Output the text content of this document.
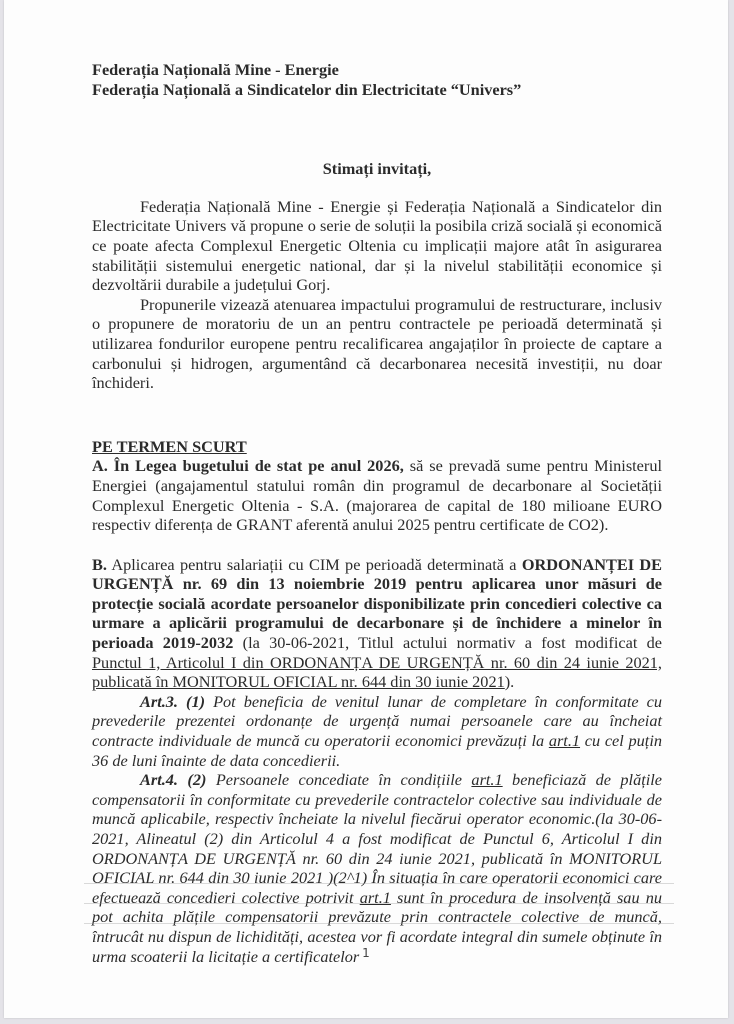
Federația Națională Mine - Energie

Federația Națională a Sindicatelor din Electricitate “Univers”

Stimați invitați,

Federația Națională Mine - Energie și Federația Națională a Sindicatelor din Electricitate Univers vă propune o serie de soluții la posibila criză socială și economică ce poate afecta Complexul Energetic Oltenia cu implicații majore atât în asigurarea stabilității sistemului energetic national, dar și la nivelul stabilității economice și dezvoltării durabile a județului Gorj.

Propunerile vizează atenuarea impactului programului de restructurare, inclusiv o propunere de moratoriu de un an pentru contractele pe perioadă determinată și utilizarea fondurilor europene pentru recalificarea angajaților în proiecte de captare a carbonului și hidrogen, argumentând că decarbonarea necesită investiții, nu doar închideri.

PE TERMEN SCURT

A. În Legea bugetului de stat pe anul 2026, să se prevadă sume pentru Ministerul Energiei (angajamentul statului român din programul de decarbonare al Societății Complexul Energetic Oltenia - S.A. (majorarea de capital de 180 milioane EURO respectiv diferența de GRANT aferentă anului 2025 pentru certificate de CO2).

B. Aplicarea pentru salariații cu CIM pe perioadă determinată a ORDONANȚEI DE URGENȚĂ nr. 69 din 13 noiembrie 2019 pentru aplicarea unor măsuri de protecție socială acordate persoanelor disponibilizate prin concedieri colective ca urmare a aplicării programului de decarbonare și de închidere a minelor în perioada 2019-2032 (la 30-06-2021, Titlul actului normativ a fost modificat de Punctul 1, Articolul I din ORDONANȚA DE URGENȚĂ nr. 60 din 24 iunie 2021, publicată în MONITORUL OFICIAL nr. 644 din 30 iunie 2021).

Art.3. (1) Pot beneficia de venitul lunar de completare în conformitate cu prevederile prezentei ordonanțe de urgență numai persoanele care au încheiat contracte individuale de muncă cu operatorii economici prevăzuți la art.1 cu cel puțin 36 de luni înainte de data concedierii.

Art.4. (2) Persoanele concediate în condițiile art.1 beneficiază de plățile compensatorii în conformitate cu prevederile contractelor colective sau individuale de muncă aplicabile, respectiv încheiate la nivelul fiecărui operator economic.(la 30-06-2021, Alineatul (2) din Articolul 4 a fost modificat de Punctul 6, Articolul I din ORDONANȚA DE URGENȚĂ nr. 60 din 24 iunie 2021, publicată în MONITORUL OFICIAL nr. 644 din 30 iunie 2021 )(2^1) În situația în care operatorii economici care efectuează concedieri colective potrivit art.1 sunt în procedura de insolvență sau nu pot achita plățile compensatorii prevăzute prin contractele colective de muncă, întrucât nu dispun de lichidități, acestea vor fi acordate integral din sumele obținute în urma scoaterii la licitație a certificatelor 1
